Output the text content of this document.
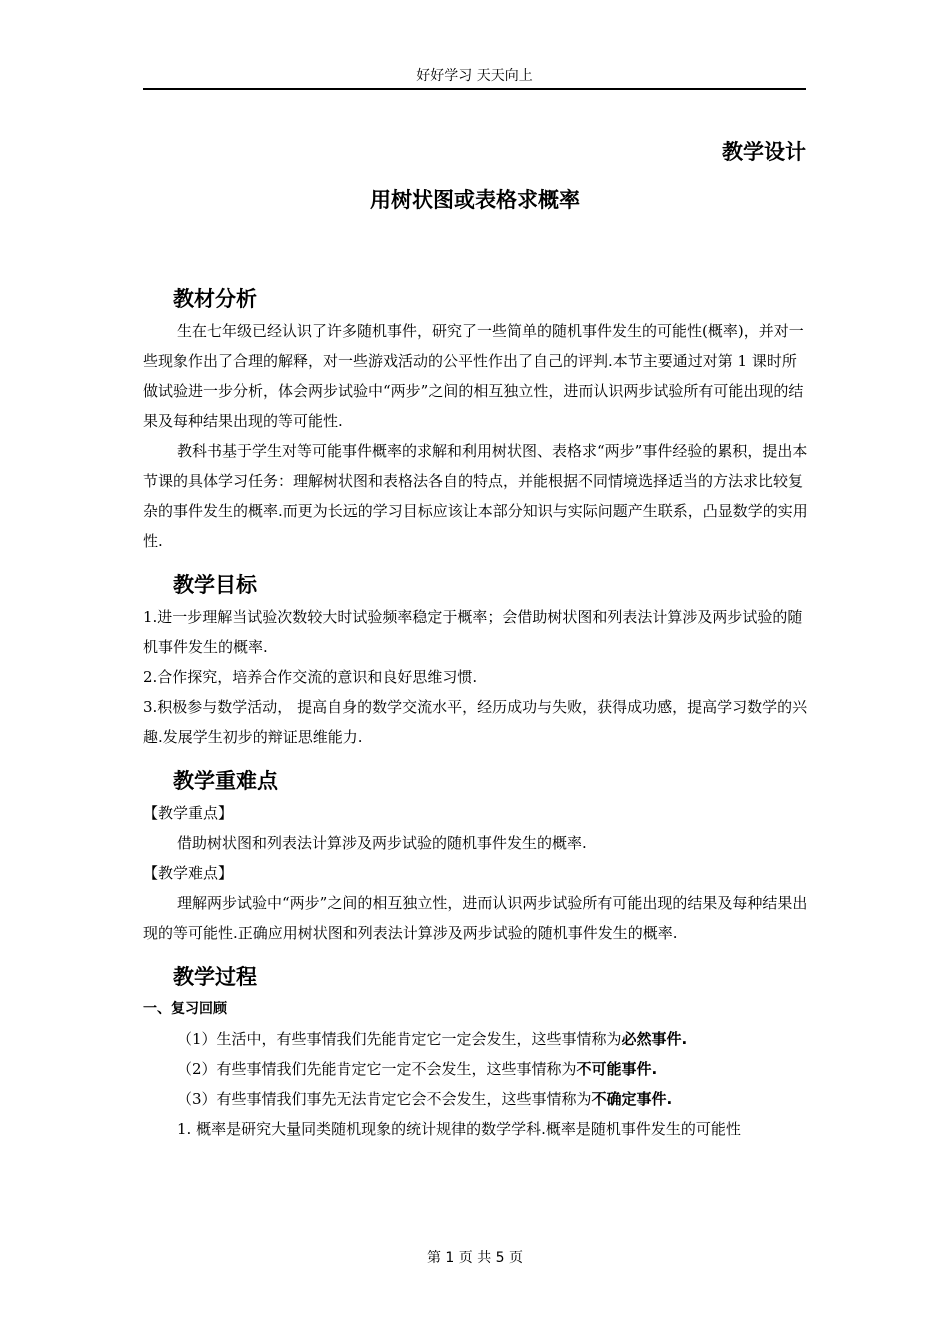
好好学习 天天向上
教学设计
用树状图或表格求概率
教材分析

生在七年级已经认识了许多随机事件，研究了一些简单的随机事件发生的可能性(概率)，并对一些现象作出了合理的解释，对一些游戏活动的公平性作出了自己的评判.本节主要通过对第 1 课时所做试验进一步分析，体会两步试验中“两步”之间的相互独立性，进而认识两步试验所有可能出现的结果及每种结果出现的等可能性.

教科书基于学生对等可能事件概率的求解和利用树状图、表格求“两步”事件经验的累积，提出本节课的具体学习任务：理解树状图和表格法各自的特点，并能根据不同情境选择适当的方法求比较复杂的事件发生的概率.而更为长远的学习目标应该让本部分知识与实际问题产生联系，凸显数学的实用性.

教学目标

1.进一步理解当试验次数较大时试验频率稳定于概率；会借助树状图和列表法计算涉及两步试验的随机事件发生的概率.

2.合作探究，培养合作交流的意识和良好思维习惯.

3.积极参与数学活动， 提高自身的数学交流水平，经历成功与失败，获得成功感，提高学习数学的兴趣.发展学生初步的辩证思维能力.

教学重难点

【教学重点】

借助树状图和列表法计算涉及两步试验的随机事件发生的概率.

【教学难点】

理解两步试验中“两步”之间的相互独立性，进而认识两步试验所有可能出现的结果及每种结果出现的等可能性.正确应用树状图和列表法计算涉及两步试验的随机事件发生的概率.

教学过程

一、复习回顾

（1）生活中，有些事情我们先能肯定它一定会发生，这些事情称为必然事件.

（2）有些事情我们先能肯定它一定不会发生，这些事情称为不可能事件.

（3）有些事情我们事先无法肯定它会不会发生，这些事情称为不确定事件.

1. 概率是研究大量同类随机现象的统计规律的数学学科.概率是随机事件发生的可能性

第 1 页 共 5 页
